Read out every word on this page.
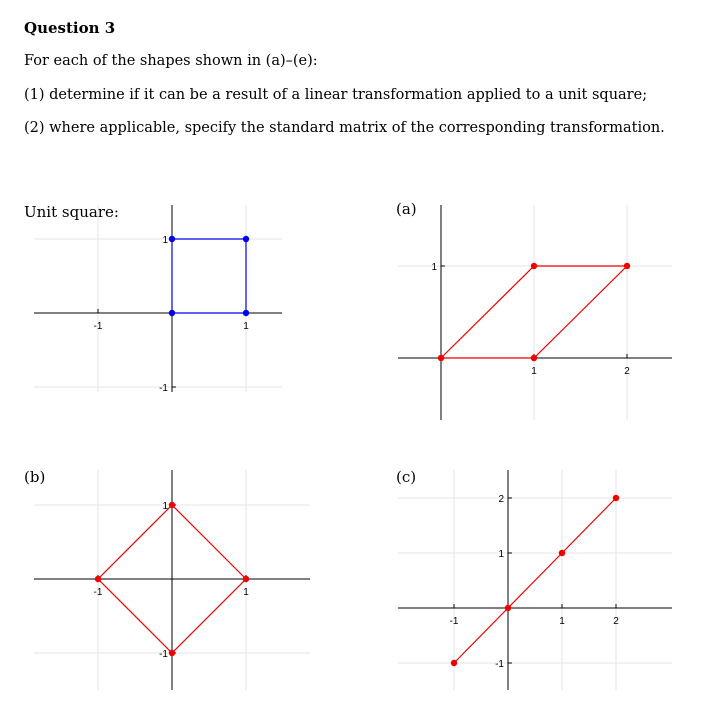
Question 3
For each of the shapes shown in (a)–(e):
(1) determine if it can be a result of a linear transformation applied to a unit square;
(2) where applicable, specify the standard matrix of the corresponding transformation.
Unit square:	(a)
(b)	(c)
-1	1
-1
1
1	2
1
-1	1
-1
1
-1	1	2
-1
1
2
